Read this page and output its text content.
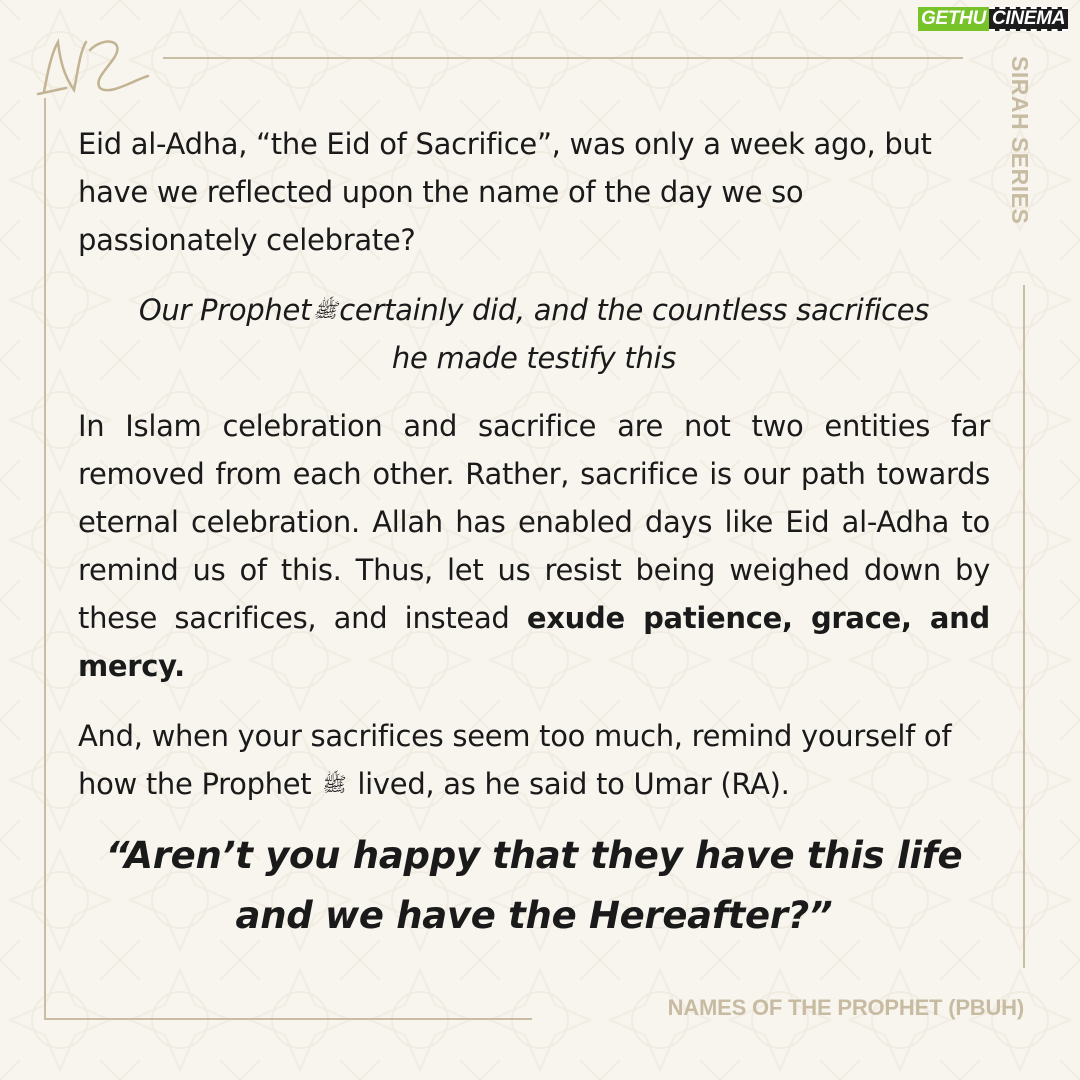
GETHU CINEMA
SIRAH SERIES

Eid al-Adha, “the Eid of Sacrifice”, was only a week ago, but have we reflected upon the name of the day we so passionately celebrate?

Our Prophet ﷺcertainly did, and the countless sacrifices he made testify this

In Islam celebration and sacrifice are not two entities far removed from each other. Rather, sacrifice is our path towards eternal celebration. Allah has enabled days like Eid al-Adha to remind us of this. Thus, let us resist being weighed down by these sacrifices, and instead exude patience, grace, and mercy.

And, when your sacrifices seem too much, remind yourself of how the Prophet ﷺ lived, as he said to Umar (RA).

“Aren’t you happy that they have this life and we have the Hereafter?”

NAMES OF THE PROPHET (PBUH)
